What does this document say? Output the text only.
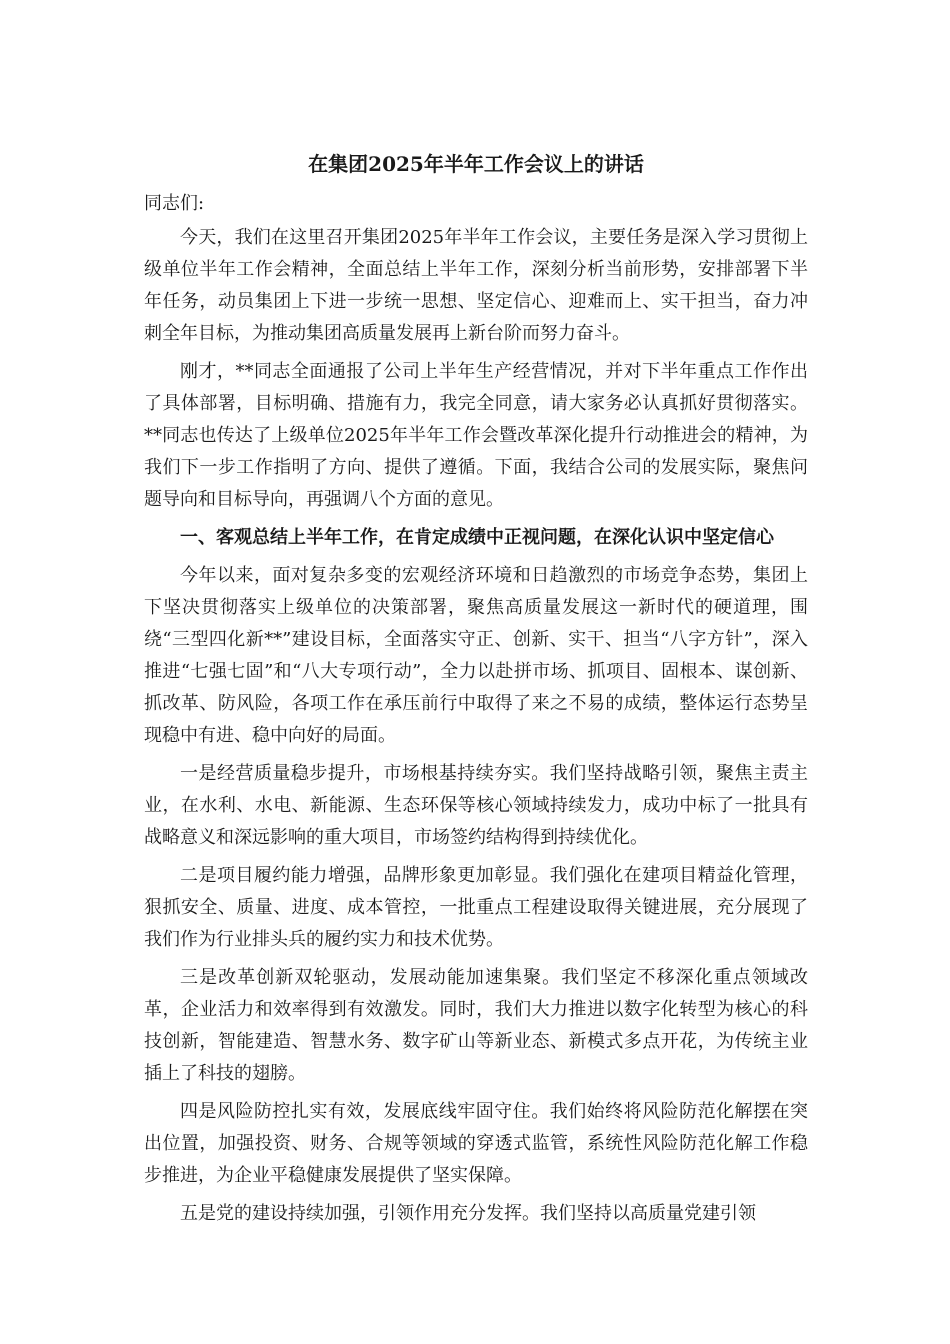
在集团2025年半年工作会议上的讲话

同志们:

今天，我们在这里召开集团2025年半年工作会议，主要任务是深入学习贯彻上级单位半年工作会精神，全面总结上半年工作，深刻分析当前形势，安排部署下半年任务，动员集团上下进一步统一思想、坚定信心、迎难而上、实干担当，奋力冲刺全年目标，为推动集团高质量发展再上新台阶而努力奋斗。

刚才，**同志全面通报了公司上半年生产经营情况，并对下半年重点工作作出了具体部署，目标明确、措施有力，我完全同意，请大家务必认真抓好贯彻落实。**同志也传达了上级单位2025年半年工作会暨改革深化提升行动推进会的精神，为我们下一步工作指明了方向、提供了遵循。下面，我结合公司的发展实际，聚焦问题导向和目标导向，再强调八个方面的意见。

一、客观总结上半年工作，在肯定成绩中正视问题，在深化认识中坚定信心

今年以来，面对复杂多变的宏观经济环境和日趋激烈的市场竞争态势，集团上下坚决贯彻落实上级单位的决策部署，聚焦高质量发展这一新时代的硬道理，围绕“三型四化新**”建设目标，全面落实守正、创新、实干、担当“八字方针”，深入推进“七强七固”和“八大专项行动”，全力以赴拼市场、抓项目、固根本、谋创新、抓改革、防风险，各项工作在承压前行中取得了来之不易的成绩，整体运行态势呈现稳中有进、稳中向好的局面。

一是经营质量稳步提升，市场根基持续夯实。我们坚持战略引领，聚焦主责主业，在水利、水电、新能源、生态环保等核心领域持续发力，成功中标了一批具有战略意义和深远影响的重大项目，市场签约结构得到持续优化。

二是项目履约能力增强，品牌形象更加彰显。我们强化在建项目精益化管理，狠抓安全、质量、进度、成本管控，一批重点工程建设取得关键进展，充分展现了我们作为行业排头兵的履约实力和技术优势。

三是改革创新双轮驱动，发展动能加速集聚。我们坚定不移深化重点领域改革，企业活力和效率得到有效激发。同时，我们大力推进以数字化转型为核心的科技创新，智能建造、智慧水务、数字矿山等新业态、新模式多点开花，为传统主业插上了科技的翅膀。

四是风险防控扎实有效，发展底线牢固守住。我们始终将风险防范化解摆在突出位置，加强投资、财务、合规等领域的穿透式监管，系统性风险防范化解工作稳步推进，为企业平稳健康发展提供了坚实保障。

五是党的建设持续加强，引领作用充分发挥。我们坚持以高质量党建引领
